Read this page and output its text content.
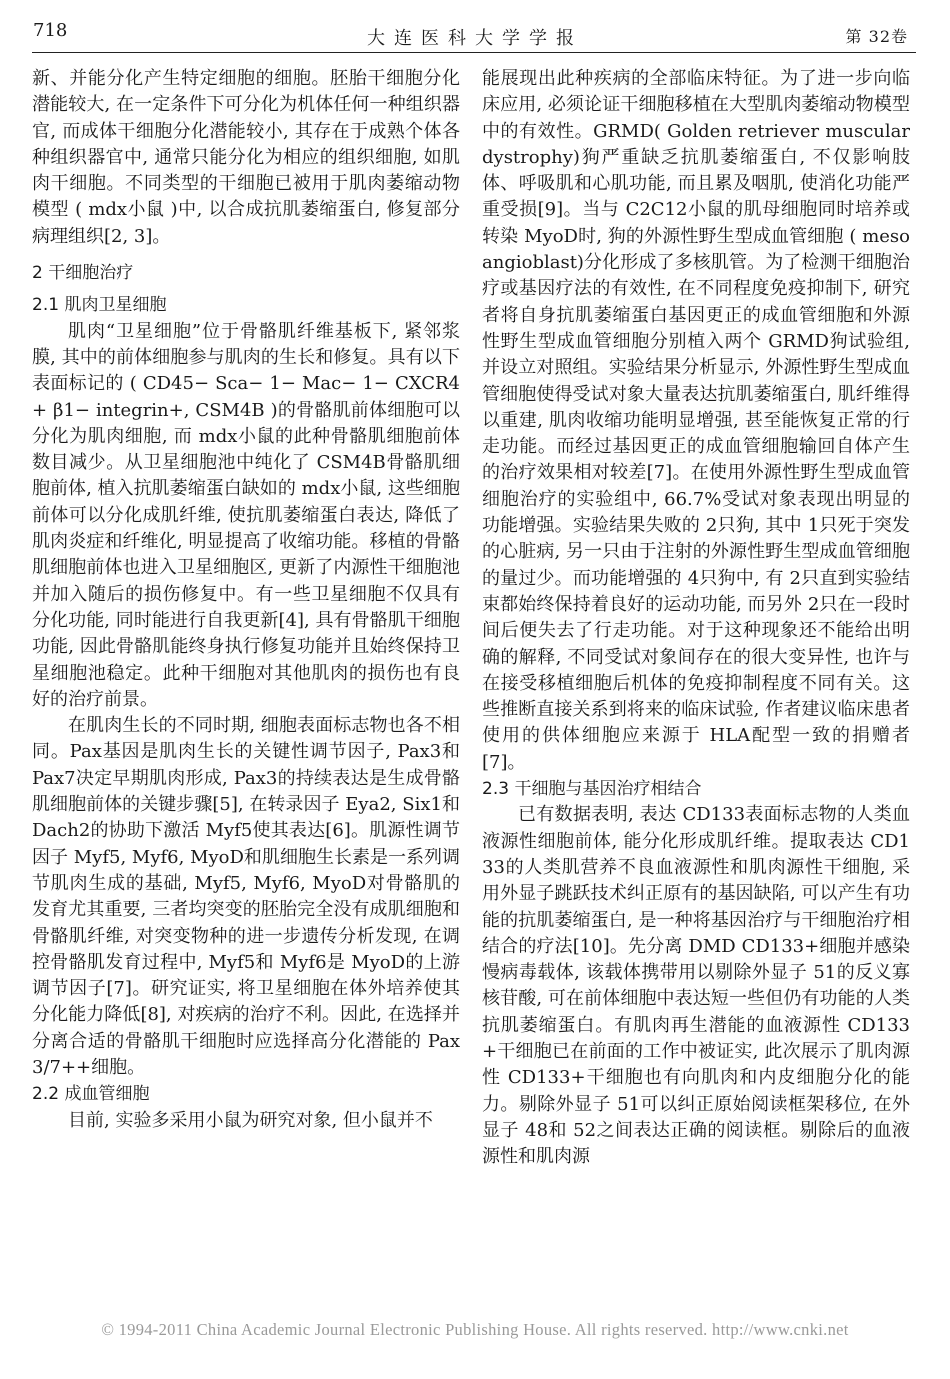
718	大连医科大学学报	第 32卷

新、并能分化产生特定细胞的细胞。胚胎干细胞分化潜能较大, 在一定条件下可分化为机体任何一种组织器官, 而成体干细胞分化潜能较小, 其存在于成熟个体各种组织器官中, 通常只能分化为相应的组织细胞, 如肌肉干细胞。不同类型的干细胞已被用于肌肉萎缩动物模型 ( mdx小鼠 )中, 以合成抗肌萎缩蛋白, 修复部分病理组织[2, 3]。

2 干细胞治疗
2.1 肌肉卫星细胞

肌肉“卫星细胞”位于骨骼肌纤维基板下, 紧邻浆膜, 其中的前体细胞参与肌肉的生长和修复。具有以下表面标记的 ( CD45− Sca− 1− Mac− 1− CXCR4+ β1− integrin+, CSM4B )的骨骼肌前体细胞可以分化为肌肉细胞, 而 mdx小鼠的此种骨骼肌细胞前体数目减少。从卫星细胞池中纯化了 CSM4B骨骼肌细胞前体, 植入抗肌萎缩蛋白缺如的 mdx小鼠, 这些细胞前体可以分化成肌纤维, 使抗肌萎缩蛋白表达, 降低了肌肉炎症和纤维化, 明显提高了收缩功能。移植的骨骼肌细胞前体也进入卫星细胞区, 更新了内源性干细胞池并加入随后的损伤修复中。有一些卫星细胞不仅具有分化功能, 同时能进行自我更新[4], 具有骨骼肌干细胞功能, 因此骨骼肌能终身执行修复功能并且始终保持卫星细胞池稳定。此种干细胞对其他肌肉的损伤也有良好的治疗前景。

在肌肉生长的不同时期, 细胞表面标志物也各不相同。Pax基因是肌肉生长的关键性调节因子, Pax3和 Pax7决定早期肌肉形成, Pax3的持续表达是生成骨骼肌细胞前体的关键步骤[5], 在转录因子 Eya2, Six1和 Dach2的协助下激活 Myf5使其表达[6]。肌源性调节因子 Myf5, Myf6, MyoD和肌细胞生长素是一系列调节肌肉生成的基础, Myf5, Myf6, MyoD对骨骼肌的发育尤其重要, 三者均突变的胚胎完全没有成肌细胞和骨骼肌纤维, 对突变物种的进一步遗传分析发现, 在调控骨骼肌发育过程中, Myf5和 Myf6是 MyoD的上游调节因子[7]。研究证实, 将卫星细胞在体外培养使其分化能力降低[8], 对疾病的治疗不利。因此, 在选择并分离合适的骨骼肌干细胞时应选择高分化潜能的 Pax3/7++细胞。

2.2 成血管细胞

目前, 实验多采用小鼠为研究对象, 但小鼠并不

能展现出此种疾病的全部临床特征。为了进一步向临床应用, 必须论证干细胞移植在大型肌肉萎缩动物模型中的有效性。GRMD( Golden retriever muscular dystrophy)狗严重缺乏抗肌萎缩蛋白, 不仅影响肢体、呼吸肌和心肌功能, 而且累及咽肌, 使消化功能严重受损[9]。当与 C2C12小鼠的肌母细胞同时培养或转染 MyoD时, 狗的外源性野生型成血管细胞 ( mesoangioblast)分化形成了多核肌管。为了检测干细胞治疗或基因疗法的有效性, 在不同程度免疫抑制下, 研究者将自身抗肌萎缩蛋白基因更正的成血管细胞和外源性野生型成血管细胞分别植入两个 GRMD狗试验组, 并设立对照组。实验结果分析显示, 外源性野生型成血管细胞使得受试对象大量表达抗肌萎缩蛋白, 肌纤维得以重建, 肌肉收缩功能明显增强, 甚至能恢复正常的行走功能。而经过基因更正的成血管细胞输回自体产生的治疗效果相对较差[7]。在使用外源性野生型成血管细胞治疗的实验组中, 66.7%受试对象表现出明显的功能增强。实验结果失败的 2只狗, 其中 1只死于突发的心脏病, 另一只由于注射的外源性野生型成血管细胞的量过少。而功能增强的 4只狗中, 有 2只直到实验结束都始终保持着良好的运动功能, 而另外 2只在一段时间后便失去了行走功能。对于这种现象还不能给出明确的解释, 不同受试对象间存在的很大变异性, 也许与在接受移植细胞后机体的免疫抑制程度不同有关。这些推断直接关系到将来的临床试验, 作者建议临床患者使用的供体细胞应来源于 HLA配型一致的捐赠者[7]。

2.3 干细胞与基因治疗相结合

已有数据表明, 表达 CD133表面标志物的人类血液源性细胞前体, 能分化形成肌纤维。提取表达 CD133的人类肌营养不良血液源性和肌肉源性干细胞, 采用外显子跳跃技术纠正原有的基因缺陷, 可以产生有功能的抗肌萎缩蛋白, 是一种将基因治疗与干细胞治疗相结合的疗法[10]。先分离 DMD CD133+细胞并感染慢病毒载体, 该载体携带用以剔除外显子 51的反义寡核苷酸, 可在前体细胞中表达短一些但仍有功能的人类抗肌萎缩蛋白。有肌肉再生潜能的血液源性 CD133+干细胞已在前面的工作中被证实, 此次展示了肌肉源性 CD133+干细胞也有向肌肉和内皮细胞分化的能力。剔除外显子 51可以纠正原始阅读框架移位, 在外显子 48和 52之间表达正确的阅读框。剔除后的血液源性和肌肉源

© 1994-2011 China Academic Journal Electronic Publishing House. All rights reserved. http://www.cnki.net
